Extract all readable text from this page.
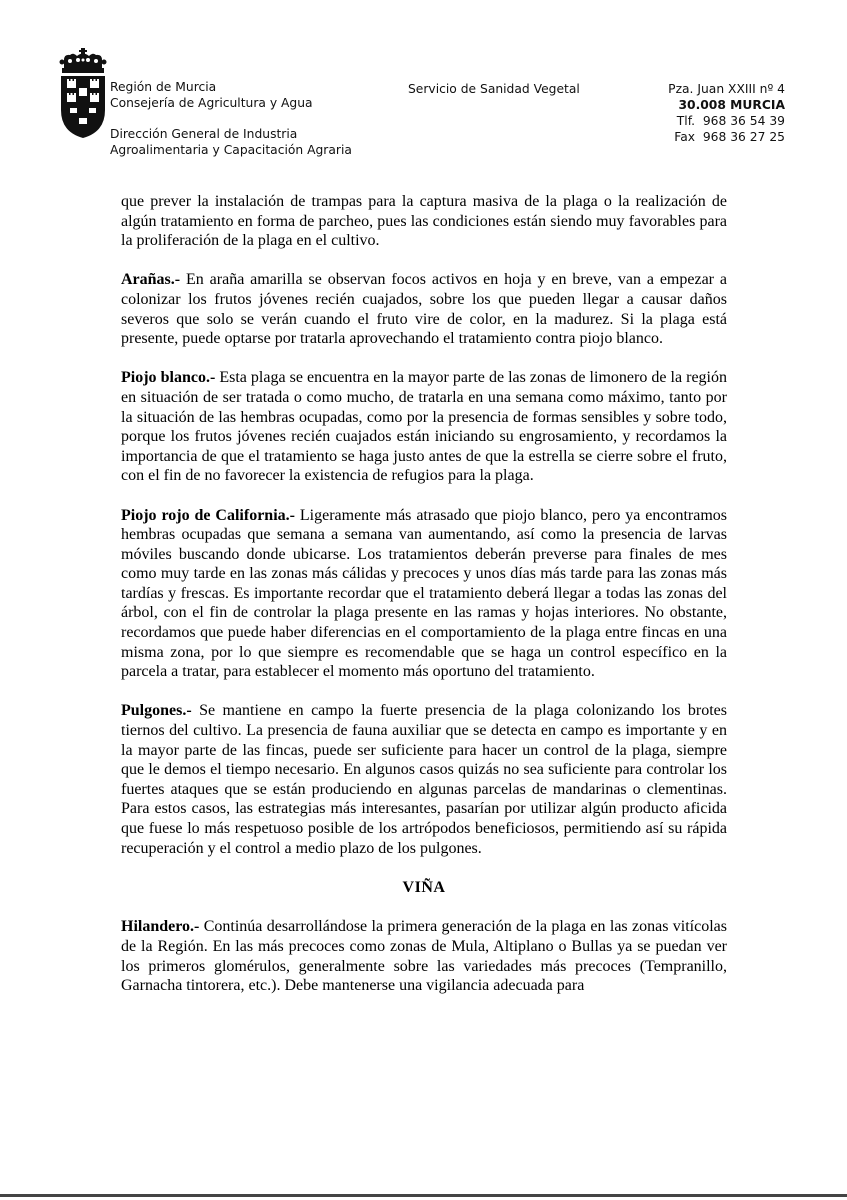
Región de Murcia
Consejería de Agricultura y Agua
Dirección General de Industria
Agroalimentaria y Capacitación Agraria
Servicio de Sanidad Vegetal	Pza. Juan XXIII nº 4
30.008 MURCIA
Tlf.  968 36 54 39
Fax  968 36 27 25

que prever la instalación de trampas para la captura masiva de la plaga o la realización de algún tratamiento en forma de parcheo, pues las condiciones están siendo muy favorables para la proliferación de la plaga en el cultivo.

Arañas.- En araña amarilla se observan focos activos en hoja y en breve, van a empezar a colonizar los frutos jóvenes recién cuajados, sobre los que pueden llegar a causar daños severos que solo se verán cuando el fruto vire de color, en la madurez. Si la plaga está presente, puede optarse por tratarla aprovechando el tratamiento contra piojo blanco.

Piojo blanco.- Esta plaga se encuentra en la mayor parte de las zonas de limonero de la región en situación de ser tratada o como mucho, de tratarla en una semana como máximo, tanto por la situación de las hembras ocupadas, como por la presencia de formas sensibles y sobre todo, porque los frutos jóvenes recién cuajados están iniciando su engrosamiento, y recordamos la importancia de que el tratamiento se haga justo antes de que la estrella se cierre sobre el fruto, con el fin de no favorecer la existencia de refugios para la plaga.

Piojo rojo de California.- Ligeramente más atrasado que piojo blanco, pero ya encontramos hembras ocupadas que semana a semana van aumentando, así como la presencia de larvas móviles buscando donde ubicarse. Los tratamientos deberán preverse para finales de mes como muy tarde en las zonas más cálidas y precoces y unos días más tarde para las zonas más tardías y frescas. Es importante recordar que el tratamiento deberá llegar a todas las zonas del árbol, con el fin de controlar la plaga presente en las ramas y hojas interiores. No obstante, recordamos que puede haber diferencias en el comportamiento de la plaga entre fincas en una misma zona, por lo que siempre es recomendable que se haga un control específico en la parcela a tratar, para establecer el momento más oportuno del tratamiento.

Pulgones.- Se mantiene en campo la fuerte presencia de la plaga colonizando los brotes tiernos del cultivo. La presencia de fauna auxiliar que se detecta en campo es importante y en la mayor parte de las fincas, puede ser suficiente para hacer un control de la plaga, siempre que le demos el tiempo necesario. En algunos casos quizás no sea suficiente para controlar los fuertes ataques que se están produciendo en algunas parcelas de mandarinas o clementinas. Para estos casos, las estrategias más interesantes, pasarían por utilizar algún producto aficida que fuese lo más respetuoso posible de los artrópodos beneficiosos, permitiendo así su rápida recuperación y el control a medio plazo de los pulgones.

VIÑA

Hilandero.- Continúa desarrollándose la primera generación de la plaga en las zonas vitícolas de la Región. En las más precoces como zonas de Mula, Altiplano o Bullas ya se puedan ver los primeros glomérulos, generalmente sobre las variedades más precoces (Tempranillo, Garnacha tintorera, etc.). Debe mantenerse una vigilancia adecuada para
